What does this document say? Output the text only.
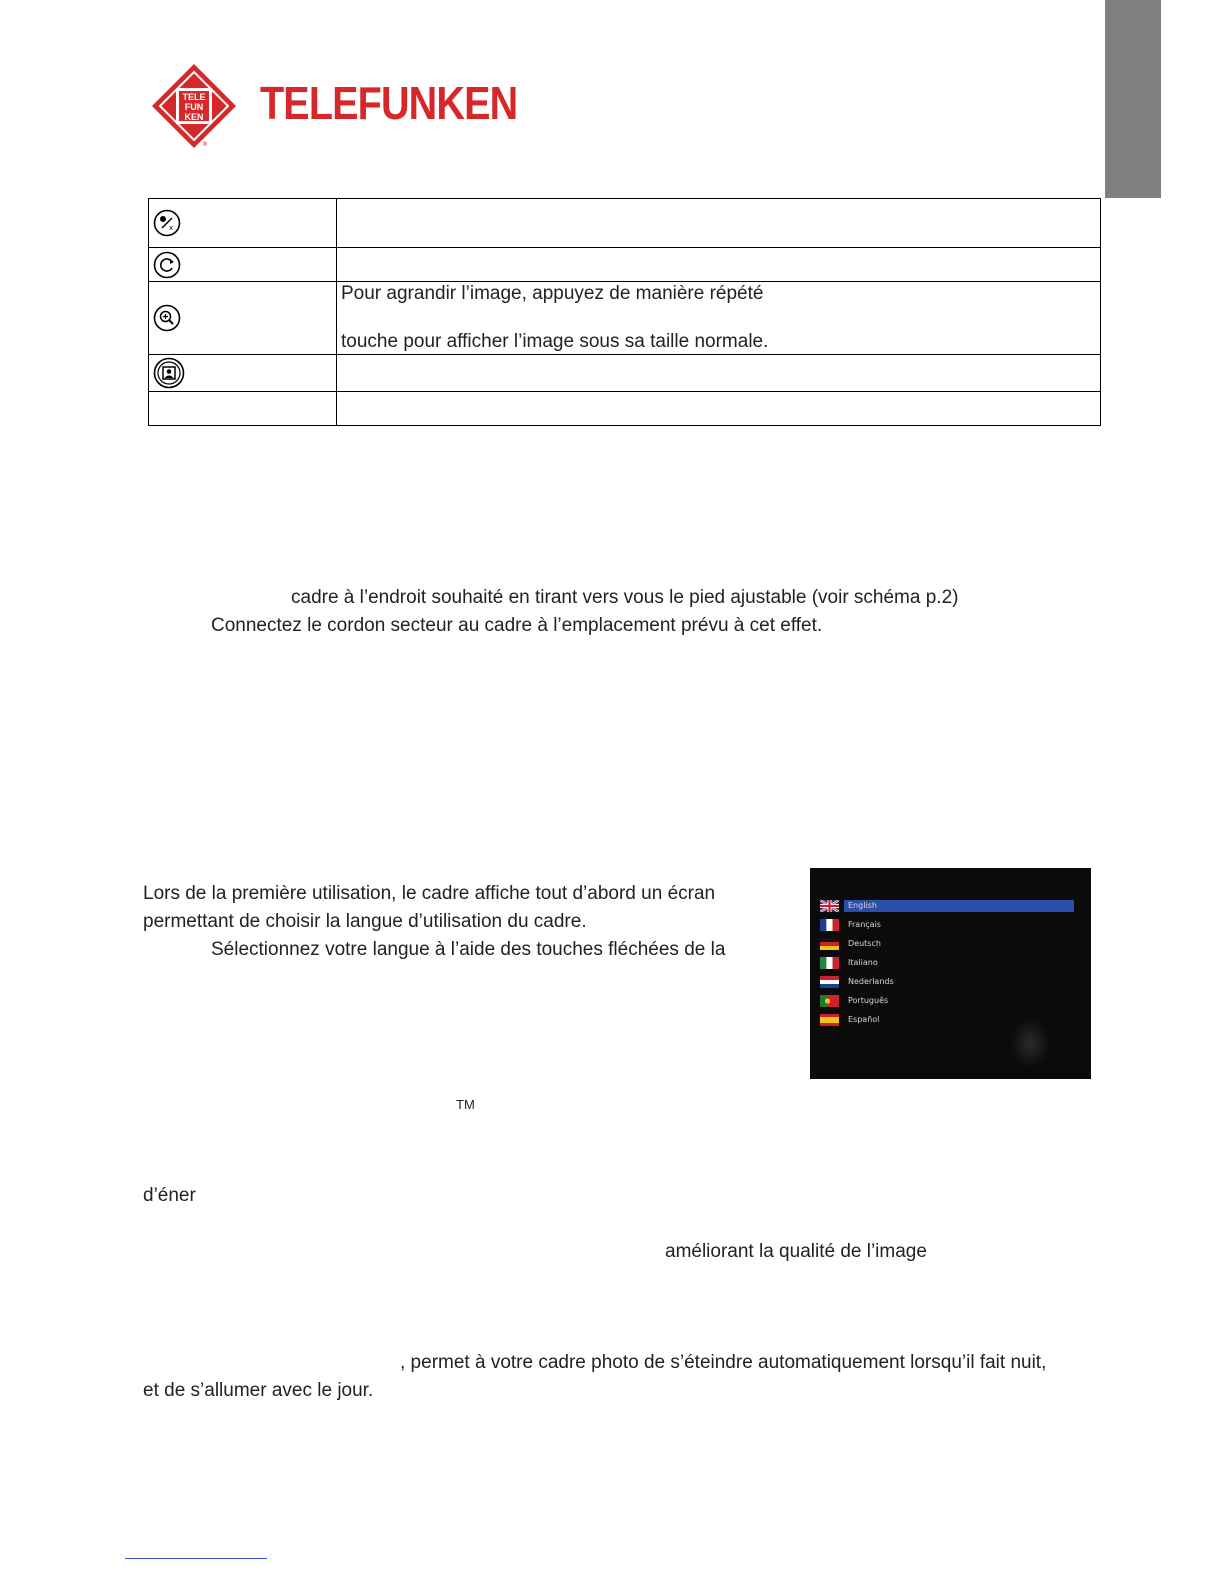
TELE
FUN
KEN
®
TELEFUNKEN
x	

Pour agrandir l’image, appuyez de manière répété
touche pour afficher l’image sous sa taille normale.

cadre à l’endroit souhaité en tirant vers vous le pied ajustable (voir schéma p.2)
Connectez le cordon secteur au cadre à l’emplacement prévu à cet effet.
Lors de la première utilisation, le cadre affiche tout d’abord un écran
permettant de choisir la langue d’utilisation du cadre.
Sélectionnez votre langue à l’aide des touches fléchées de la
English
Français
Deutsch
Italiano
Nederlands
Português
Español
TM
d’éner
améliorant la qualité de l’image
, permet à votre cadre photo de s’éteindre automatiquement lorsqu’il fait nuit,
et de s’allumer avec le jour.
